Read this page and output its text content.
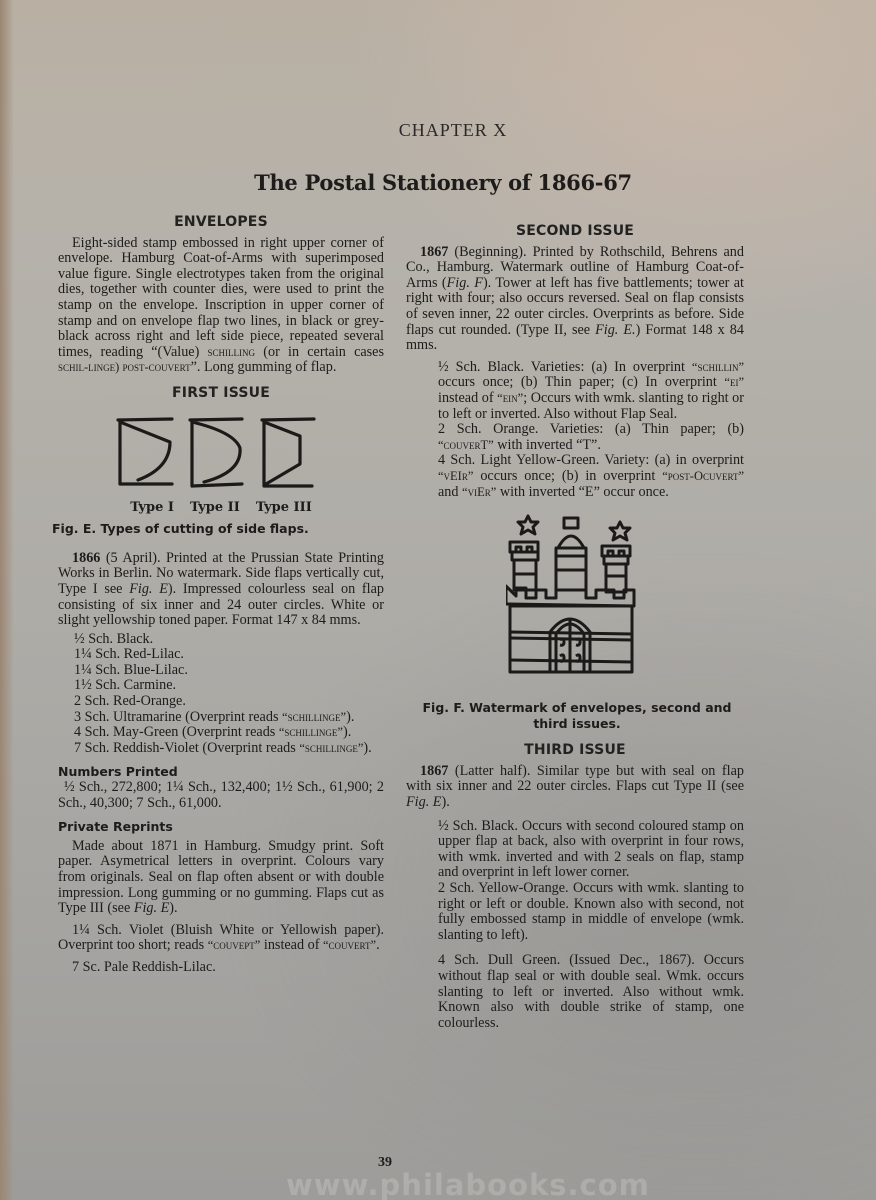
CHAPTER X
The Postal Stationery of 1866-67
ENVELOPES

Eight-sided stamp embossed in right upper corner of envelope. Hamburg Coat-of-Arms with superimposed value figure. Single electrotypes taken from the original dies, together with counter dies, were used to print the stamp on the envelope. Inscription in upper corner of stamp and on envelope flap two lines, in black or grey-black across right and left side piece, repeated several times, reading “(Value) schilling (or in certain cases schil-linge) post-couvert”. Long gumming of flap.

FIRST ISSUE
Type I Type II Type III
Fig. E. Types of cutting of side flaps.

1866 (5 April). Printed at the Prussian State Printing Works in Berlin. No watermark. Side flaps vertically cut, Type I see Fig. E). Impressed colourless seal on flap consisting of six inner and 24 outer circles. White or slight yellowship toned paper. Format 147 x 84 mms.

½ Sch. Black.
1¼ Sch. Red-Lilac.
1¼ Sch. Blue-Lilac.
1½ Sch. Carmine.
2 Sch. Red-Orange.
3 Sch. Ultramarine (Overprint reads “schillinge”).
4 Sch. May-Green (Overprint reads “schillinge”).
7 Sch. Reddish-Violet (Overprint reads “schillinge”).
Numbers Printed

½ Sch., 272,800; 1¼ Sch., 132,400; 1½ Sch., 61,900; 2 Sch., 40,300; 7 Sch., 61,000.

Private Reprints

Made about 1871 in Hamburg. Smudgy print. Soft paper. Asymetrical letters in overprint. Colours vary from originals. Seal on flap often absent or with double impression. Long gumming or no gumming. Flaps cut as Type III (see Fig. E).

1¼ Sch. Violet (Bluish White or Yellowish paper). Overprint too short; reads “couvept” instead of “couvert”.

7 Sc. Pale Reddish-Lilac.

SECOND ISSUE

1867 (Beginning). Printed by Rothschild, Behrens and Co., Hamburg. Watermark outline of Hamburg Coat-of-Arms (Fig. F). Tower at left has five battlements; tower at right with four; also occurs reversed. Seal on flap consists of seven inner, 22 outer circles. Overprints as before. Side flaps cut rounded. (Type II, see Fig. E.) Format 148 x 84 mms.

½ Sch. Black. Varieties: (a) In overprint “schillin” occurs once; (b) Thin paper; (c) In overprint “ei” instead of “ein”; Occurs with wmk. slanting to right or to left or inverted. Also without Flap Seal.

2 Sch. Orange. Varieties: (a) Thin paper; (b) “couverT” with inverted “T”.

4 Sch. Light Yellow-Green. Variety: (a) in overprint “vEIr” occurs once; (b) in overprint “post-Ocuvert” and “viEr” with inverted “E” occur once.

Fig. F. Watermark of envelopes, second and third issues.
THIRD ISSUE

1867 (Latter half). Similar type but with seal on flap with six inner and 22 outer circles. Flaps cut Type II (see Fig. E).

½ Sch. Black. Occurs with second coloured stamp on upper flap at back, also with overprint in four rows, with wmk. inverted and with 2 seals on flap, stamp and overprint in left lower corner.

2 Sch. Yellow-Orange. Occurs with wmk. slanting to right or left or double. Known also with second, not fully embossed stamp in middle of envelope (wmk. slanting to left).

4 Sch. Dull Green. (Issued Dec., 1867). Occurs without flap seal or with double seal. Wmk. occurs slanting to left or inverted. Also without wmk. Known also with double strike of stamp, one colourless.

39
www.philabooks.com
